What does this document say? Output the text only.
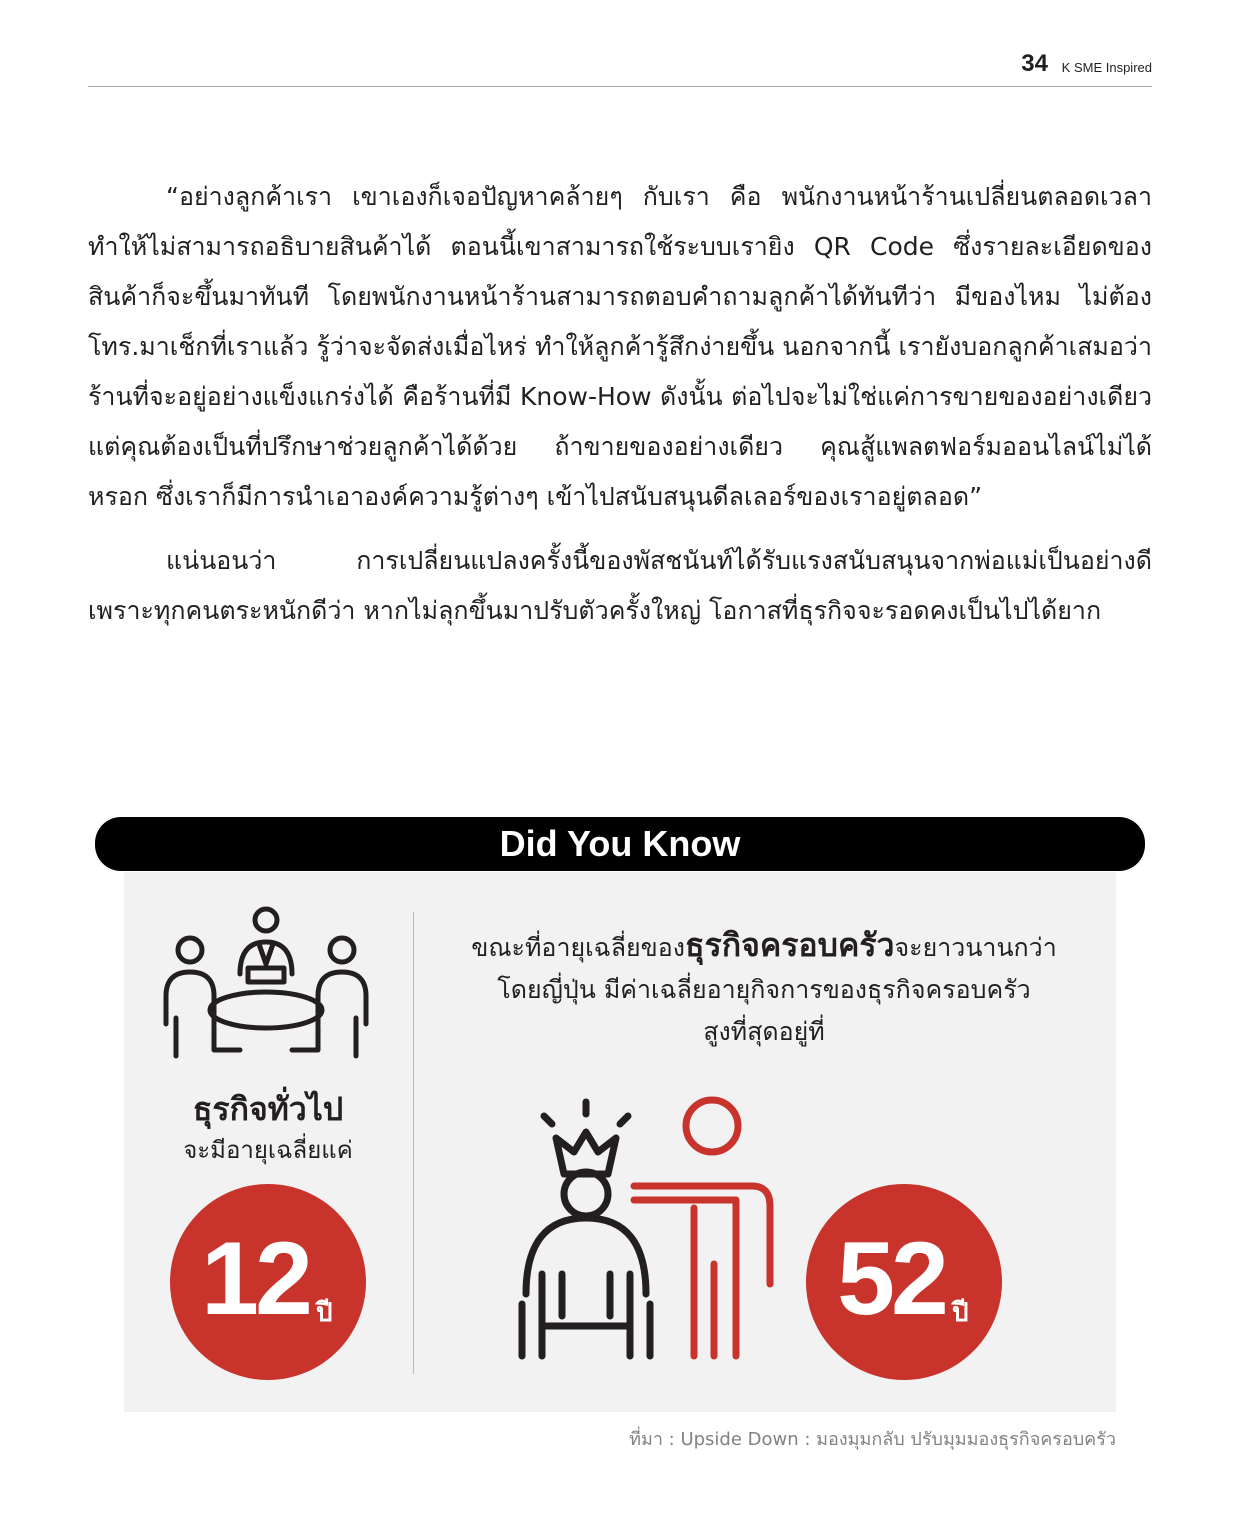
34 K SME Inspired

“อย่างลูกค้าเรา เขาเองก็เจอปัญหาคล้ายๆ กับเรา คือ พนักงานหน้าร้านเปลี่ยนตลอดเวลา ทำให้ไม่สามารถอธิบายสินค้าได้ ตอนนี้เขาสามารถใช้ระบบเรายิง QR Code ซึ่งรายละเอียดของสินค้าก็จะขึ้นมาทันที โดยพนักงานหน้าร้านสามารถตอบคำถามลูกค้าได้ทันทีว่า มีของไหม ไม่ต้องโทร.มาเช็กที่เราแล้ว รู้ว่าจะจัดส่งเมื่อไหร่ ทำให้ลูกค้ารู้สึกง่ายขึ้น นอกจากนี้ เรายังบอกลูกค้าเสมอว่า ร้านที่จะอยู่อย่างแข็งแกร่งได้ คือร้านที่มี Know-How ดังนั้น ต่อไปจะไม่ใช่แค่การขายของอย่างเดียว แต่คุณต้องเป็นที่ปรึกษาช่วยลูกค้าได้ด้วย ถ้าขายของอย่างเดียว คุณสู้แพลตฟอร์มออนไลน์ไม่ได้หรอก ซึ่งเราก็มีการนำเอาองค์ความรู้ต่างๆ เข้าไปสนับสนุนดีลเลอร์ของเราอยู่ตลอด”

แน่นอนว่า การเปลี่ยนแปลงครั้งนี้ของพัสชนันท์ได้รับแรงสนับสนุนจากพ่อแม่เป็นอย่างดี เพราะทุกคนตระหนักดีว่า หากไม่ลุกขึ้นมาปรับตัวครั้งใหญ่ โอกาสที่ธุรกิจจะรอดคงเป็นไปได้ยาก

Did You Know
ธุรกิจทั่วไป
จะมีอายุเฉลี่ยแค่
12 ปี
ขณะที่อายุเฉลี่ยของธุรกิจครอบครัวจะยาวนานกว่า
โดยญี่ปุ่น มีค่าเฉลี่ยอายุกิจการของธุรกิจครอบครัว
สูงที่สุดอยู่ที่
52 ปี
ที่มา : Upside Down : มองมุมกลับ ปรับมุมมองธุรกิจครอบครัว
